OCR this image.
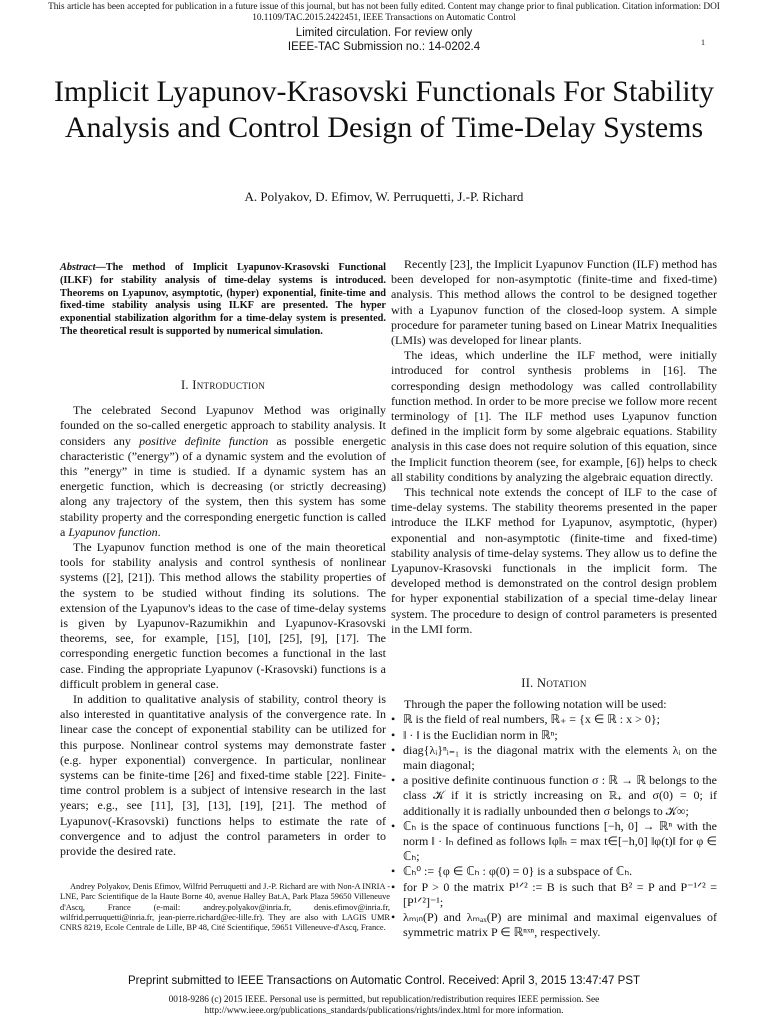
This article has been accepted for publication in a future issue of this journal, but has not been fully edited. Content may change prior to final publication. Citation information: DOI
10.1109/TAC.2015.2422451, IEEE Transactions on Automatic Control
Limited circulation. For review only
IEEE-TAC Submission no.: 14-0202.4	1
Implicit Lyapunov-Krasovski Functionals For Stability Analysis and Control Design of Time-Delay Systems
A. Polyakov, D. Efimov, W. Perruquetti, J.-P. Richard
Abstract—The method of Implicit Lyapunov-Krasovski Functional (ILKF) for stability analysis of time-delay systems is introduced. Theorems on Lyapunov, asymptotic, (hyper) exponential, finite-time and fixed-time stability analysis using ILKF are presented. The hyper exponential stabilization algorithm for a time-delay system is presented. The theoretical result is supported by numerical simulation.
I. Introduction

The celebrated Second Lyapunov Method was originally founded on the so-called energetic approach to stability analysis. It considers any positive definite function as possible energetic characteristic (”energy”) of a dynamic system and the evolution of this ”energy” in time is studied. If a dynamic system has an energetic function, which is decreasing (or strictly decreasing) along any trajectory of the system, then this system has some stability property and the corresponding energetic function is called a Lyapunov function.

The Lyapunov function method is one of the main theoretical tools for stability analysis and control synthesis of nonlinear systems ([2], [21]). This method allows the stability properties of the system to be studied without finding its solutions. The extension of the Lyapunov's ideas to the case of time-delay systems is given by Lyapunov-Razumikhin and Lyapunov-Krasovski theorems, see, for example, [15], [10], [25], [9], [17]. The corresponding energetic function becomes a functional in the last case. Finding the appropriate Lyapunov (-Krasovski) functions is a difficult problem in general case.

In addition to qualitative analysis of stability, control theory is also interested in quantitative analysis of the convergence rate. In linear case the concept of exponential stability can be utilized for this purpose. Nonlinear control systems may demonstrate faster (e.g. hyper exponential) convergence. In particular, nonlinear systems can be finite-time [26] and fixed-time stable [22]. Finite-time control problem is a subject of intensive research in the last years; e.g., see [11], [3], [13], [19], [21]. The method of Lyapunov(-Krasovski) functions helps to estimate the rate of convergence and to adjust the control parameters in order to provide the desired rate.

Andrey Polyakov, Denis Efimov, Wilfrid Perruquetti and J.-P. Richard are with Non-A INRIA - LNE, Parc Scientifique de la Haute Borne 40, avenue Halley Bat.A, Park Plaza 59650 Villeneuve d'Ascq, France (e-mail: andrey.polyakov@inria.fr, denis.efimov@inria.fr, wilfrid.perruquetti@inria.fr, jean-pierre.richard@ec-lille.fr). They are also with LAGIS UMR CNRS 8219, Ecole Centrale de Lille, BP 48, Cité Scientifique, 59651 Villeneuve-d'Ascq, France.

Recently [23], the Implicit Lyapunov Function (ILF) method has been developed for non-asymptotic (finite-time and fixed-time) analysis. This method allows the control to be designed together with a Lyapunov function of the closed-loop system. A simple procedure for parameter tuning based on Linear Matrix Inequalities (LMIs) was developed for linear plants.

The ideas, which underline the ILF method, were initially introduced for control synthesis problems in [16]. The corresponding design methodology was called controllability function method. In order to be more precise we follow more recent terminology of [1]. The ILF method uses Lyapunov function defined in the implicit form by some algebraic equations. Stability analysis in this case does not require solution of this equation, since the Implicit function theorem (see, for example, [6]) helps to check all stability conditions by analyzing the algebraic equation directly.

This technical note extends the concept of ILF to the case of time-delay systems. The stability theorems presented in the paper introduce the ILKF method for Lyapunov, asymptotic, (hyper) exponential and non-asymptotic (finite-time and fixed-time) stability analysis of time-delay systems. They allow us to define the Lyapunov-Krasovski functionals in the implicit form. The developed method is demonstrated on the control design problem for hyper exponential stabilization of a special time-delay linear system. The procedure to design of control parameters is presented in the LMI form.

II. Notation

Through the paper the following notation will be used:

• ℝ is the field of real numbers, ℝ₊ = {x ∈ ℝ : x > 0};
• ‖ · ‖ is the Euclidian norm in ℝⁿ;
• diag{λᵢ}ⁿᵢ₌₁ is the diagonal matrix with the elements λᵢ on the main diagonal;
• a positive definite continuous function σ : ℝ → ℝ belongs to the class 𝒦 if it is strictly increasing on ℝ₊ and σ(0) = 0; if additionally it is radially unbounded then σ belongs to 𝒦∞;
• ℂₕ is the space of continuous functions [−h, 0] → ℝⁿ with the norm ‖ · ‖ₕ defined as follows ‖φ‖ₕ = max t∈[−h,0] ‖φ(t)‖ for φ ∈ ℂₕ;
• ℂₕ⁰ := {φ ∈ ℂₕ : φ(0) = 0} is a subspace of ℂₕ.
• for P > 0 the matrix P¹ᐟ² := B is such that B² = P and P⁻¹ᐟ² = [P¹ᐟ²]⁻¹;
• λₘᵢₙ(P) and λₘₐₓ(P) are minimal and maximal eigenvalues of symmetric matrix P ∈ ℝⁿˣⁿ, respectively.
Preprint submitted to IEEE Transactions on Automatic Control. Received: April 3, 2015 13:47:47 PST
0018-9286 (c) 2015 IEEE. Personal use is permitted, but republication/redistribution requires IEEE permission. See
http://www.ieee.org/publications_standards/publications/rights/index.html for more information.
